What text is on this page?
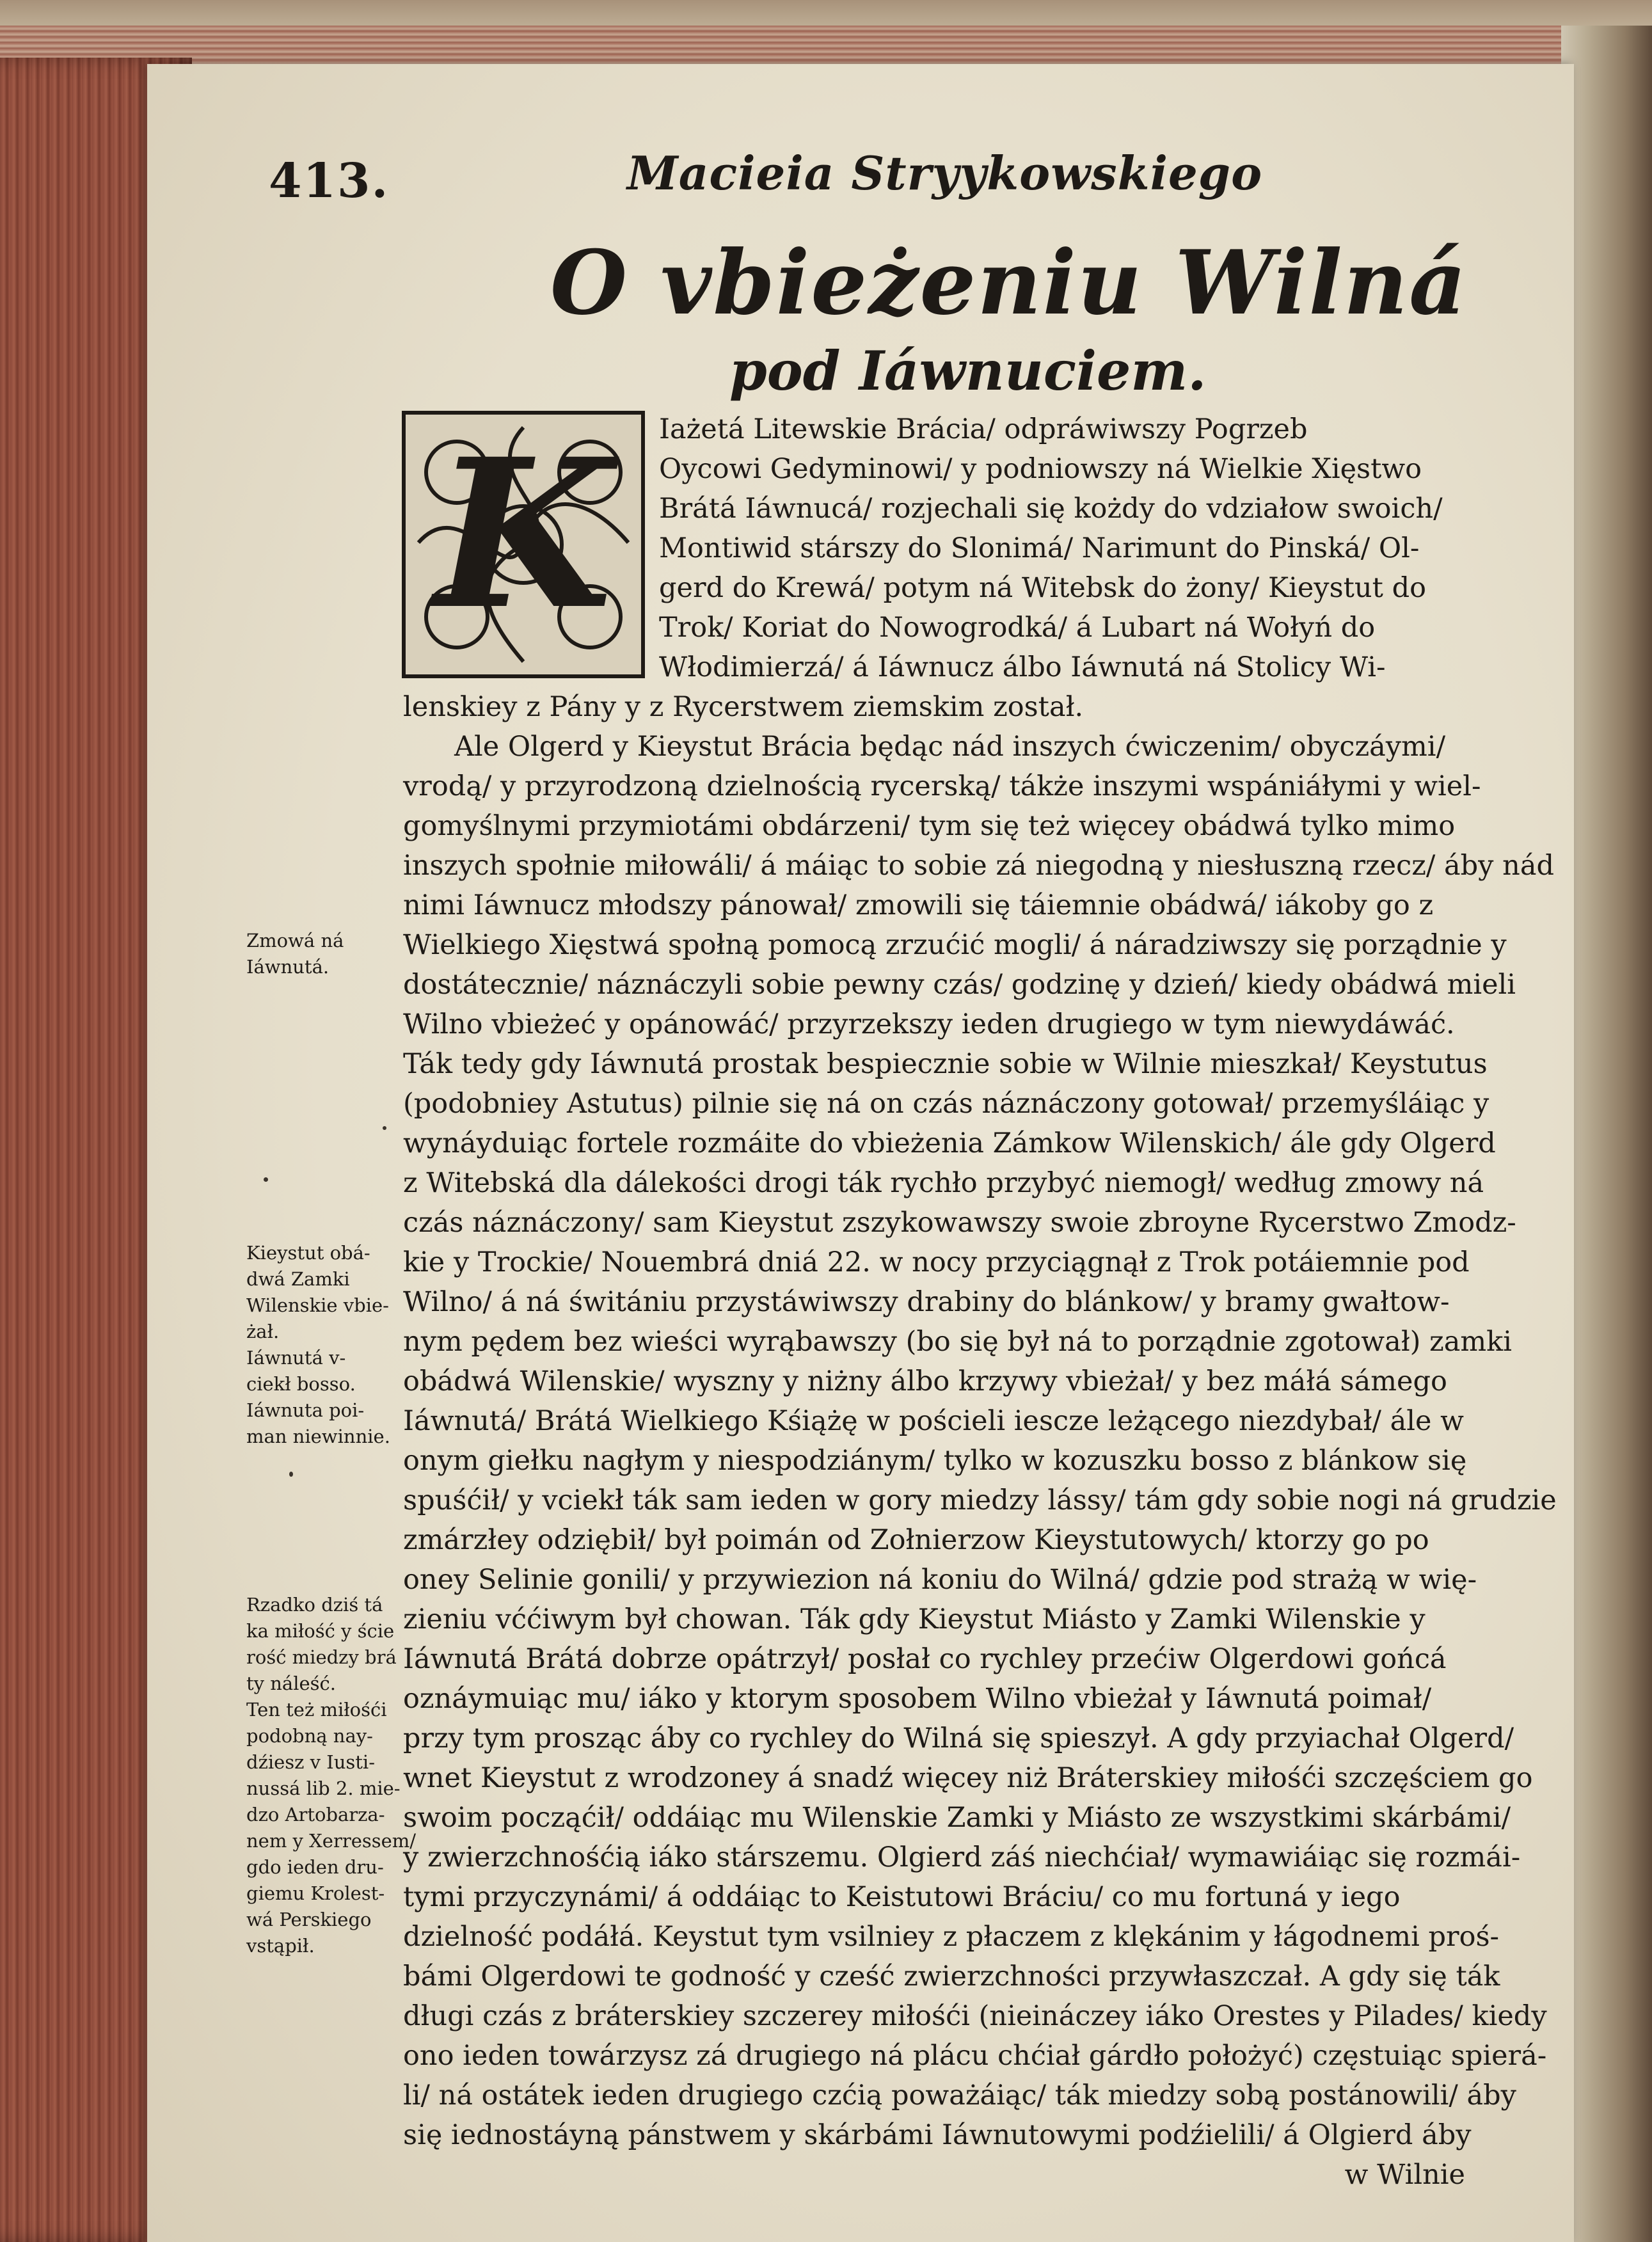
413.	Macieia Stryykowskiego
O vbieżeniu Wilná
pod Iáwnuciem.
K	Iażetá Litewskie Brácia/ odpráwiwszy Pogrzeb
Oycowi Gedyminowi/ y podniowszy ná Wielkie Xięstwo
Brátá Iáwnucá/ rozjechali się kożdy do vdziałow swoich/
Montiwid stárszy do Slonimá/ Narimunt do Pinská/ Ol-
gerd do Krewá/ potym ná Witebsk do żony/ Kieystut do
Trok/ Koriat do Nowogrodká/ á Lubart ná Wołyń do
Włodimierzá/ á Iáwnucz álbo Iáwnutá ná Stolicy Wi-
lenskiey z Pány y z Rycerstwem ziemskim został.
Ale Olgerd y Kieystut Brácia będąc nád inszych ćwiczenim/ obyczáymi/
vrodą/ y przyrodzoną dzielnością rycerską/ tákże inszymi wspániáłymi y wiel-
gomyślnymi przymiotámi obdárzeni/ tym się też więcey obádwá tylko mimo
inszych społnie miłowáli/ á máiąc to sobie zá niegodną y niesłuszną rzecz/ áby nád
nimi Iáwnucz młodszy pánował/ zmowili się táiemnie obádwá/ iákoby go z
Wielkiego Xięstwá społną pomocą zrzućić mogli/ á náradziwszy się porządnie y
dostátecznie/ náznáczyli sobie pewny czás/ godzinę y dzień/ kiedy obádwá mieli
Wilno vbieżeć y opánowáć/ przyrzekszy ieden drugiego w tym niewydáwáć.
Ták tedy gdy Iáwnutá prostak bespiecznie sobie w Wilnie mieszkał/ Keystutus
(podobniey Astutus) pilnie się ná on czás náznáczony gotował/ przemyśláiąc y
wynáyduiąc fortele rozmáite do vbieżenia Zámkow Wilenskich/ ále gdy Olgerd
z Witebská dla dálekości drogi ták rychło przybyć niemogł/ według zmowy ná
czás náznáczony/ sam Kieystut zszykowawszy swoie zbroyne Rycerstwo Zmodz-
kie y Trockie/ Nouembrá dniá 22. w nocy przyciągnął z Trok potáiemnie pod
Wilno/ á ná świtániu przystáwiwszy drabiny do blánkow/ y bramy gwałtow-
nym pędem bez wieści wyrąbawszy (bo się był ná to porządnie zgotował) zamki
obádwá Wilenskie/ wyszny y niżny álbo krzywy vbieżał/ y bez máłá sámego
Iáwnutá/ Brátá Wielkiego Kśiążę w pościeli iescze leżącego niezdybał/ ále w
onym giełku nagłym y niespodziánym/ tylko w kozuszku bosso z blánkow się
spuśćił/ y vciekł ták sam ieden w gory miedzy lássy/ tám gdy sobie nogi ná grudzie
zmárzłey odziębił/ był poimán od Zołnierzow Kieystutowych/ ktorzy go po
oney Selinie gonili/ y przywiezion ná koniu do Wilná/ gdzie pod strażą w wię-
zieniu vććiwym był chowan. Ták gdy Kieystut Miásto y Zamki Wilenskie y
Iáwnutá Brátá dobrze opátrzył/ posłał co rychley przećiw Olgerdowi gońcá
oznáymuiąc mu/ iáko y ktorym sposobem Wilno vbieżał y Iáwnutá poimał/
przy tym prosząc áby co rychley do Wilná się spieszył. A gdy przyiachał Olgerd/
wnet Kieystut z wrodzoney á snadź więcey niż Bráterskiey miłośći szczęściem go
swoim począćił/ oddáiąc mu Wilenskie Zamki y Miásto ze wszystkimi skárbámi/
y zwierzchnośćią iáko stárszemu. Olgierd záś niechćiał/ wymawiáiąc się rozmái-
tymi przyczynámi/ á oddáiąc to Keistutowi Bráciu/ co mu fortuná y iego
dzielność podáłá. Keystut tym vsilniey z płaczem z klękánim y łágodnemi proś-
bámi Olgerdowi te godność y cześć zwierzchności przywłaszczał. A gdy się ták
długi czás z bráterskiey szczerey miłośći (nieináczey iáko Orestes y Pilades/ kiedy
ono ieden towárzysz zá drugiego ná plácu chćiał gárdło położyć) częstuiąc spierá-
li/ ná ostátek ieden drugiego czćią poważáiąc/ ták miedzy sobą postánowili/ áby
się iednostáyną pánstwem y skárbámi Iáwnutowymi podźielili/ á Olgierd áby
w Wilnie
Zmowá ná
Iáwnutá.
Kieystut obá-
dwá Zamki
Wilenskie vbie-
żał.
Iáwnutá v-
ciekł bosso.
Iáwnuta poi-
man niewinnie.
Rzadko dziś tá
ka miłość y ście
rość miedzy brá
ty náleść.
Ten też miłośći
podobną nay-
dźiesz v Iusti-
nussá lib 2. mie-
dzo Artobarza-
nem y Xerressem/
gdo ieden dru-
giemu Krolest-
wá Perskiego
vstąpił.
